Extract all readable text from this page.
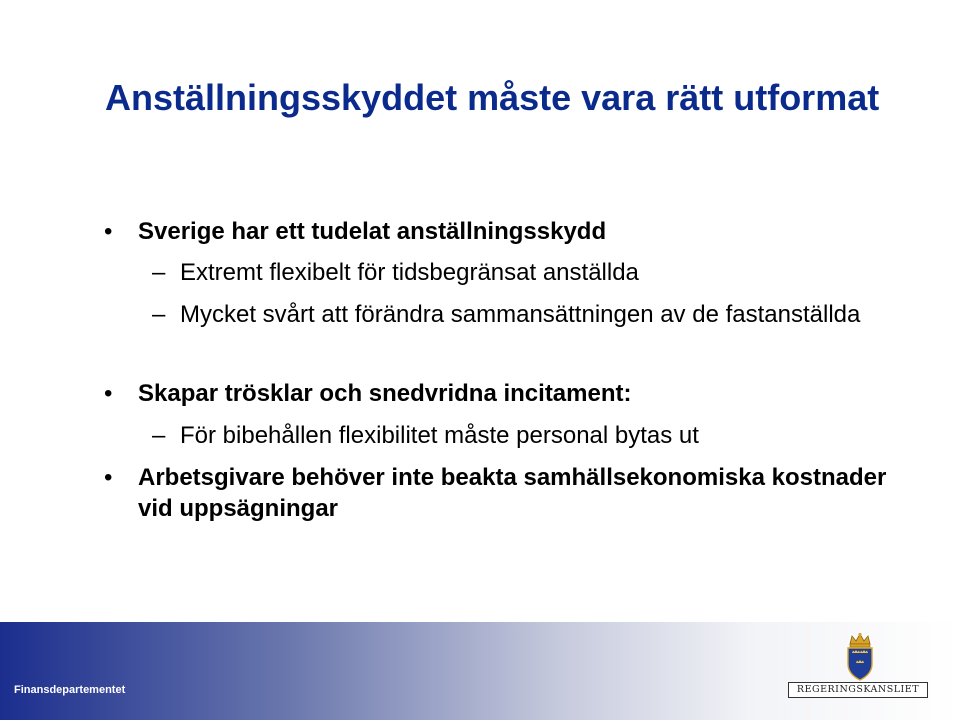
Anställningsskyddet måste vara rätt utformat
• Sverige har ett tudelat anställningsskydd
– Extremt flexibelt för tidsbegränsat anställda
– Mycket svårt att förändra sammansättningen av de fastanställda
• Skapar trösklar och snedvridna incitament:
– För bibehållen flexibilitet måste personal bytas ut
• Arbetsgivare behöver inte beakta samhällsekonomiska kostnader vid uppsägningar
Finansdepartementet	REGERINGSKANSLIET
